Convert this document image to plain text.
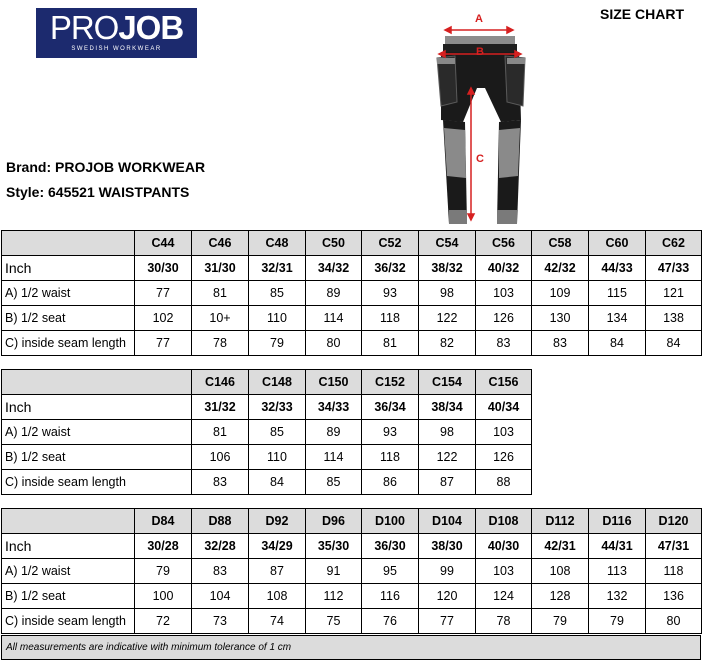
PROJOB
SWEDISH WORKWEAR
SIZE CHART
Brand: PROJOB WORKWEAR
Style: 645521 WAISTPANTS
A
B
C
	C44	C46	C48	C50	C52	C54	C56	C58	C60	C62
Inch	30/30	31/30	32/31	34/32	36/32	38/32	40/32	42/32	44/33	47/33
A) 1/2 waist	77	81	85	89	93	98	103	109	115	121
B) 1/2 seat	102	10+	110	114	118	122	126	130	134	138
C) inside seam length	77	78	79	80	81	82	83	83	84	84
	C146	C148	C150	C152	C154	C156
Inch	31/32	32/33	34/33	36/34	38/34	40/34
A) 1/2 waist	81	85	89	93	98	103
B) 1/2 seat	106	110	114	118	122	126
C) inside seam length	83	84	85	86	87	88
	D84	D88	D92	D96	D100	D104	D108	D112	D116	D120
Inch	30/28	32/28	34/29	35/30	36/30	38/30	40/30	42/31	44/31	47/31
A) 1/2 waist	79	83	87	91	95	99	103	108	113	118
B) 1/2 seat	100	104	108	112	116	120	124	128	132	136
C) inside seam length	72	73	74	75	76	77	78	79	79	80
All measurements are indicative with minimum tolerance of 1 cm
